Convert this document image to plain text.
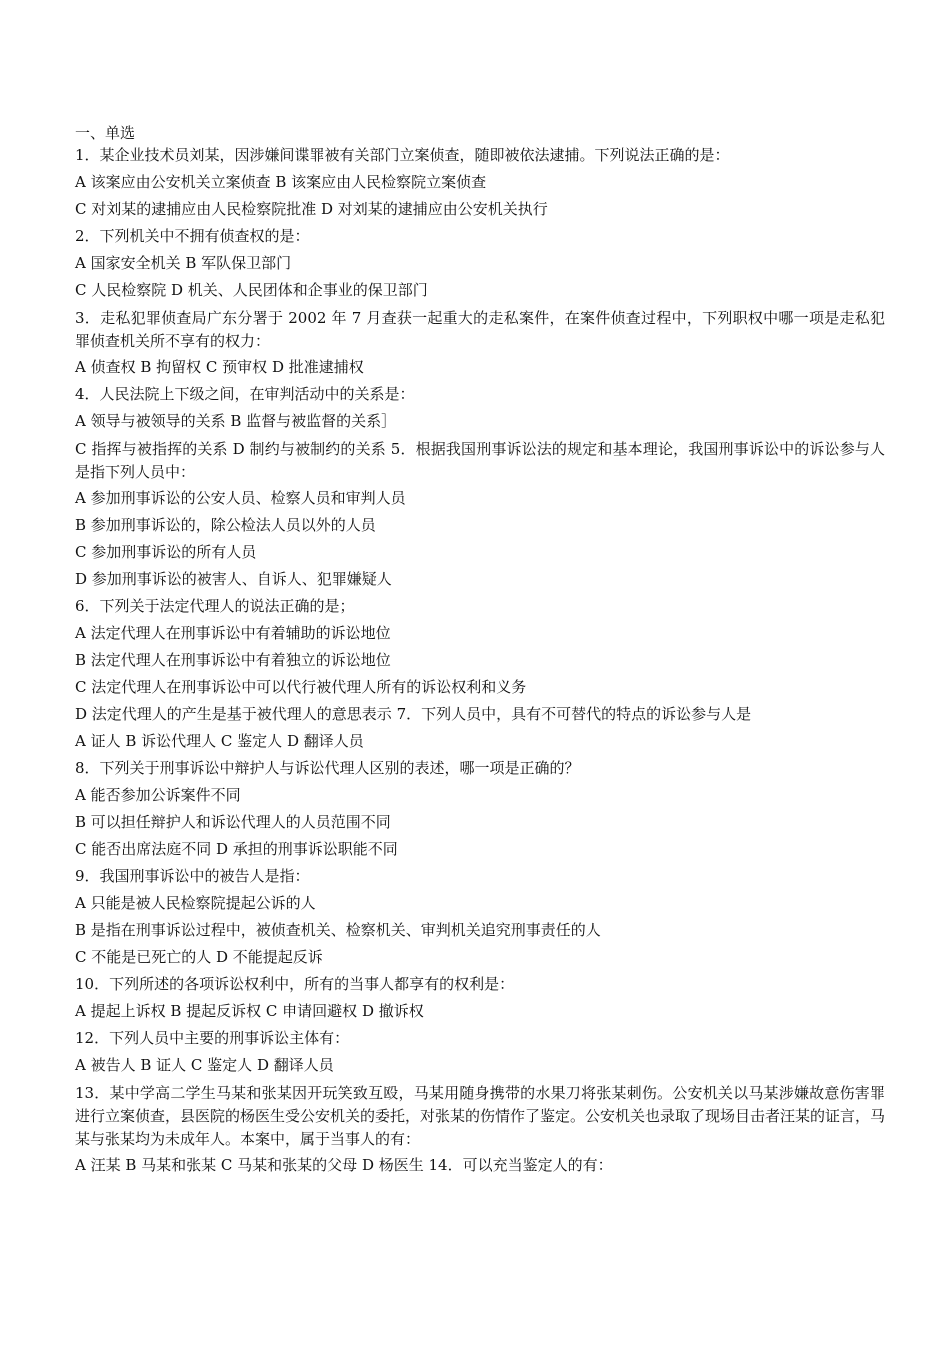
一、单选
1．某企业技术员刘某，因涉嫌间谍罪被有关部门立案侦查，随即被依法逮捕。下列说法正确的是：
A 该案应由公安机关立案侦查 B 该案应由人民检察院立案侦查
C 对刘某的逮捕应由人民检察院批准 D 对刘某的逮捕应由公安机关执行
2．下列机关中不拥有侦查权的是：
A 国家安全机关 B 军队保卫部门
C 人民检察院 D 机关、人民团体和企事业的保卫部门
3．走私犯罪侦查局广东分署于 2002 年 7 月查获一起重大的走私案件，在案件侦查过程中，下列职权中哪一项是走私犯罪侦查机关所不享有的权力：
A 侦查权 B 拘留权 C 预审权 D 批准逮捕权
4．人民法院上下级之间，在审判活动中的关系是：
A 领导与被领导的关系 B 监督与被监督的关系］
C 指挥与被指挥的关系 D 制约与被制约的关系 5．根据我国刑事诉讼法的规定和基本理论，我国刑事诉讼中的诉讼参与人是指下列人员中：
A 参加刑事诉讼的公安人员、检察人员和审判人员
B 参加刑事诉讼的，除公检法人员以外的人员
C 参加刑事诉讼的所有人员
D 参加刑事诉讼的被害人、自诉人、犯罪嫌疑人
6．下列关于法定代理人的说法正确的是；
A 法定代理人在刑事诉讼中有着辅助的诉讼地位
B 法定代理人在刑事诉讼中有着独立的诉讼地位
C 法定代理人在刑事诉讼中可以代行被代理人所有的诉讼权利和义务
D 法定代理人的产生是基于被代理人的意思表示 7．下列人员中，具有不可替代的特点的诉讼参与人是
A 证人 B 诉讼代理人 C 鉴定人 D 翻译人员
8．下列关于刑事诉讼中辩护人与诉讼代理人区别的表述，哪一项是正确的？
A 能否参加公诉案件不同
B 可以担任辩护人和诉讼代理人的人员范围不同
C 能否出席法庭不同 D 承担的刑事诉讼职能不同
9．我国刑事诉讼中的被告人是指：
A 只能是被人民检察院提起公诉的人
B 是指在刑事诉讼过程中，被侦查机关、检察机关、审判机关追究刑事责任的人
C 不能是已死亡的人 D 不能提起反诉
10．下列所述的各项诉讼权利中，所有的当事人都享有的权利是：
A 提起上诉权 B 提起反诉权 C 申请回避权 D 撤诉权
12．下列人员中主要的刑事诉讼主体有：
A 被告人 B 证人 C 鉴定人 D 翻译人员
13．某中学高二学生马某和张某因开玩笑致互殴，马某用随身携带的水果刀将张某刺伤。公安机关以马某涉嫌故意伤害罪进行立案侦查，县医院的杨医生受公安机关的委托，对张某的伤情作了鉴定。公安机关也录取了现场目击者汪某的证言，马某与张某均为未成年人。本案中，属于当事人的有：
A 汪某 B 马某和张某 C 马某和张某的父母 D 杨医生 14．可以充当鉴定人的有：
